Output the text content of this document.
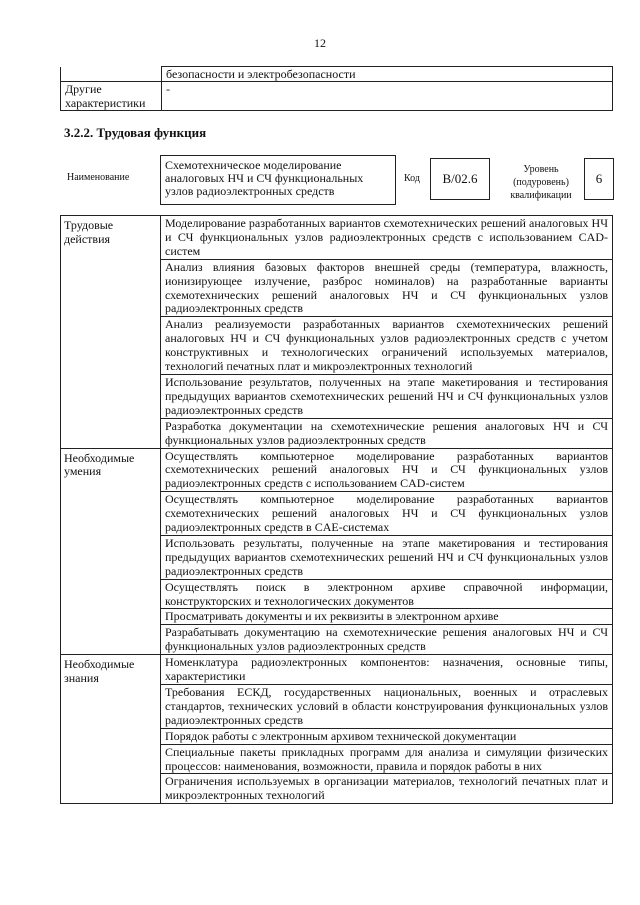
12
	безопасности и электробезопасности
Другие характеристики	-
3.2.2. Трудовая функция
Наименование
Схемотехническое моделирование аналоговых НЧ и СЧ функциональных узлов радиоэлектронных средств
Код	B/02.6
Уровень (подуровень) квалификации
6
Трудовые действия	Моделирование разработанных вариантов схемотехнических решений аналоговых НЧ и СЧ функциональных узлов радиоэлектронных средств с использованием CAD-систем
	Анализ влияния базовых факторов внешней среды (температура, влажность, ионизирующее излучение, разброс номиналов) на разработанные варианты схемотехнических решений аналоговых НЧ и СЧ функциональных узлов радиоэлектронных средств
	Анализ реализуемости разработанных вариантов схемотехнических решений аналоговых НЧ и СЧ функциональных узлов радиоэлектронных средств с учетом конструктивных и технологических ограничений используемых материалов, технологий печатных плат и микроэлектронных технологий
	Использование результатов, полученных на этапе макетирования и тестирования предыдущих вариантов схемотехнических решений НЧ и СЧ функциональных узлов радиоэлектронных средств
	Разработка документации на схемотехнические решения аналоговых НЧ и СЧ функциональных узлов радиоэлектронных средств
Необходимые умения	Осуществлять компьютерное моделирование разработанных вариантов схемотехнических решений аналоговых НЧ и СЧ функциональных узлов радиоэлектронных средств с использованием CAD-систем
	Осуществлять компьютерное моделирование разработанных вариантов схемотехнических решений аналоговых НЧ и СЧ функциональных узлов радиоэлектронных средств в CAE-системах
	Использовать результаты, полученные на этапе макетирования и тестирования предыдущих вариантов схемотехнических решений НЧ и СЧ функциональных узлов радиоэлектронных средств
	Осуществлять поиск в электронном архиве справочной информации, конструкторских и технологических документов
	Просматривать документы и их реквизиты в электронном архиве
	Разрабатывать документацию на схемотехнические решения аналоговых НЧ и СЧ функциональных узлов радиоэлектронных средств
Необходимые знания	Номенклатура радиоэлектронных компонентов: назначения, основные типы, характеристики
	Требования ЕСКД, государственных национальных, военных и отраслевых стандартов, технических условий в области конструирования функциональных узлов радиоэлектронных средств
	Порядок работы с электронным архивом технической документации
	Специальные пакеты прикладных программ для анализа и симуляции физических процессов: наименования, возможности, правила и порядок работы в них
	Ограничения используемых в организации материалов, технологий печатных плат и микроэлектронных технологий
